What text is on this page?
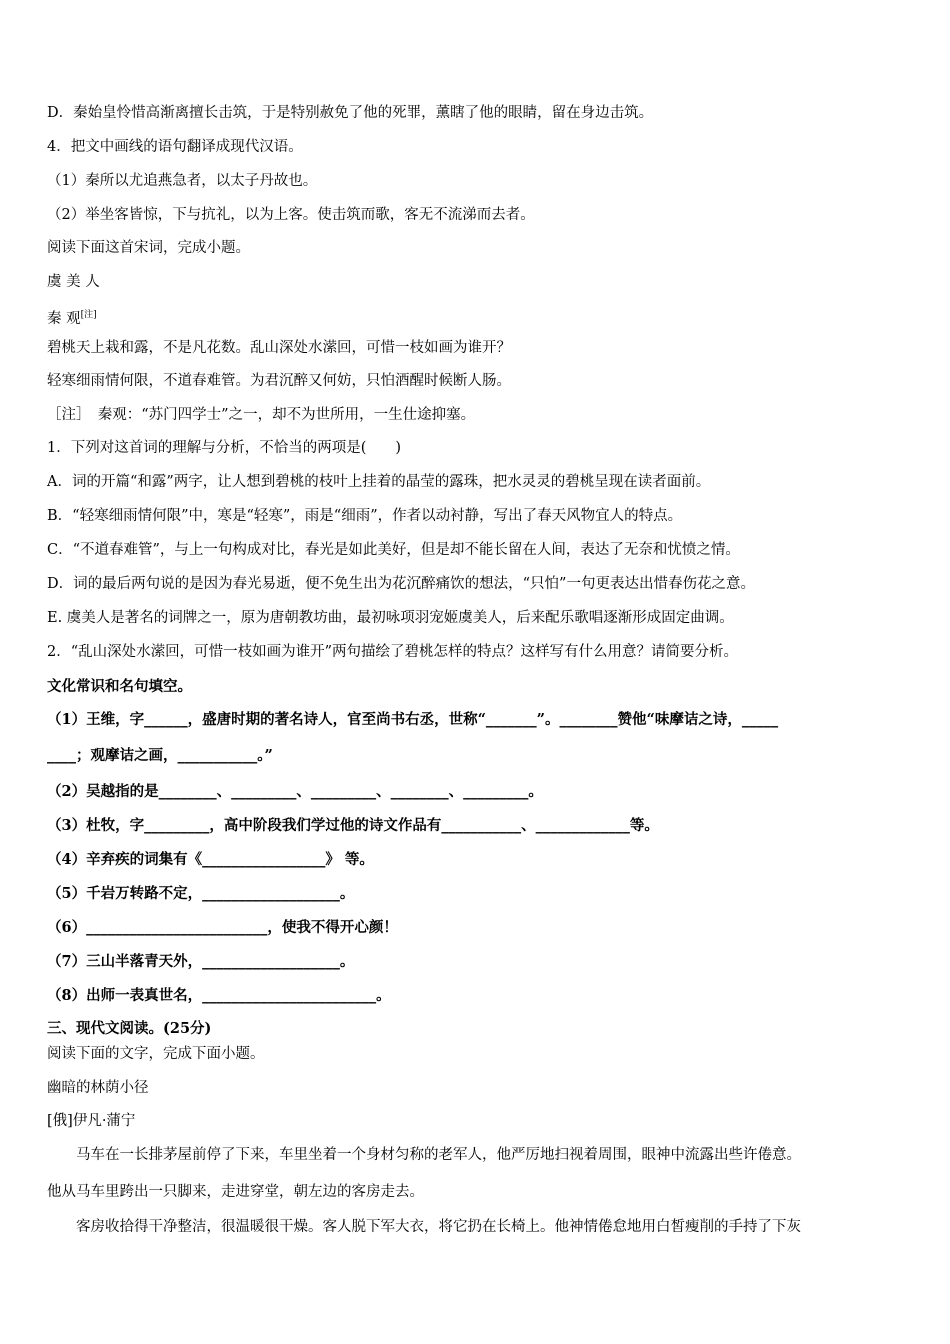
D．秦始皇怜惜高渐离擅长击筑，于是特别赦免了他的死罪，薰瞎了他的眼睛，留在身边击筑。
4．把文中画线的语句翻译成现代汉语。
（1）秦所以尤追燕急者，以太子丹故也。
（2）举坐客皆惊，下与抗礼，以为上客。使击筑而歌，客无不流涕而去者。
阅读下面这首宋词，完成小题。
虞 美 人
秦 观[注]
碧桃天上栽和露，不是凡花数。乱山深处水潆回，可惜一枝如画为谁开？
轻寒细雨情何限，不道春难管。为君沉醉又何妨，只怕酒醒时候断人肠。
［注］　秦观：“苏门四学士”之一，却不为世所用，一生仕途抑塞。
1．下列对这首词的理解与分析，不恰当的两项是(　　)
A．词的开篇“和露”两字，让人想到碧桃的枝叶上挂着的晶莹的露珠，把水灵灵的碧桃呈现在读者面前。
B．“轻寒细雨情何限”中，寒是“轻寒”，雨是“细雨”，作者以动衬静，写出了春天风物宜人的特点。
C．“不道春难管”，与上一句构成对比，春光是如此美好，但是却不能长留在人间，表达了无奈和忧愤之情。
D．词的最后两句说的是因为春光易逝，便不免生出为花沉醉痛饮的想法，“只怕”一句更表达出惜春伤花之意。
E. 虞美人是著名的词牌之一，原为唐朝教坊曲，最初咏项羽宠姬虞美人，后来配乐歌唱逐渐形成固定曲调。
2．“乱山深处水潆回，可惜一枝如画为谁开”两句描绘了碧桃怎样的特点？这样写有什么用意？请简要分析。
文化常识和名句填空。
（1）王维，字______，盛唐时期的著名诗人，官至尚书右丞，世称“_______”。________赞他“味摩诘之诗，_____
____；观摩诘之画，___________。”
（2）吴越指的是________、_________、_________、________、_________。
（3）杜牧，字_________，高中阶段我们学过他的诗文作品有___________、_____________等。
（4）辛弃疾的词集有《_________________》 等。
（5）千岩万转路不定，___________________。
（6）_________________________，使我不得开心颜！
（7）三山半落青天外，___________________。
（8）出师一表真世名，________________________。
三、现代文阅读。(25分)
阅读下面的文字，完成下面小题。
幽暗的林荫小径
[俄]伊凡·蒲宁
　　马车在一长排茅屋前停了下来，车里坐着一个身材匀称的老军人，他严厉地扫视着周围，眼神中流露出些许倦意。
他从马车里跨出一只脚来，走进穿堂，朝左边的客房走去。
　　客房收拾得干净整洁，很温暖很干燥。客人脱下军大衣，将它扔在长椅上。他神情倦怠地用白皙瘦削的手持了下灰
